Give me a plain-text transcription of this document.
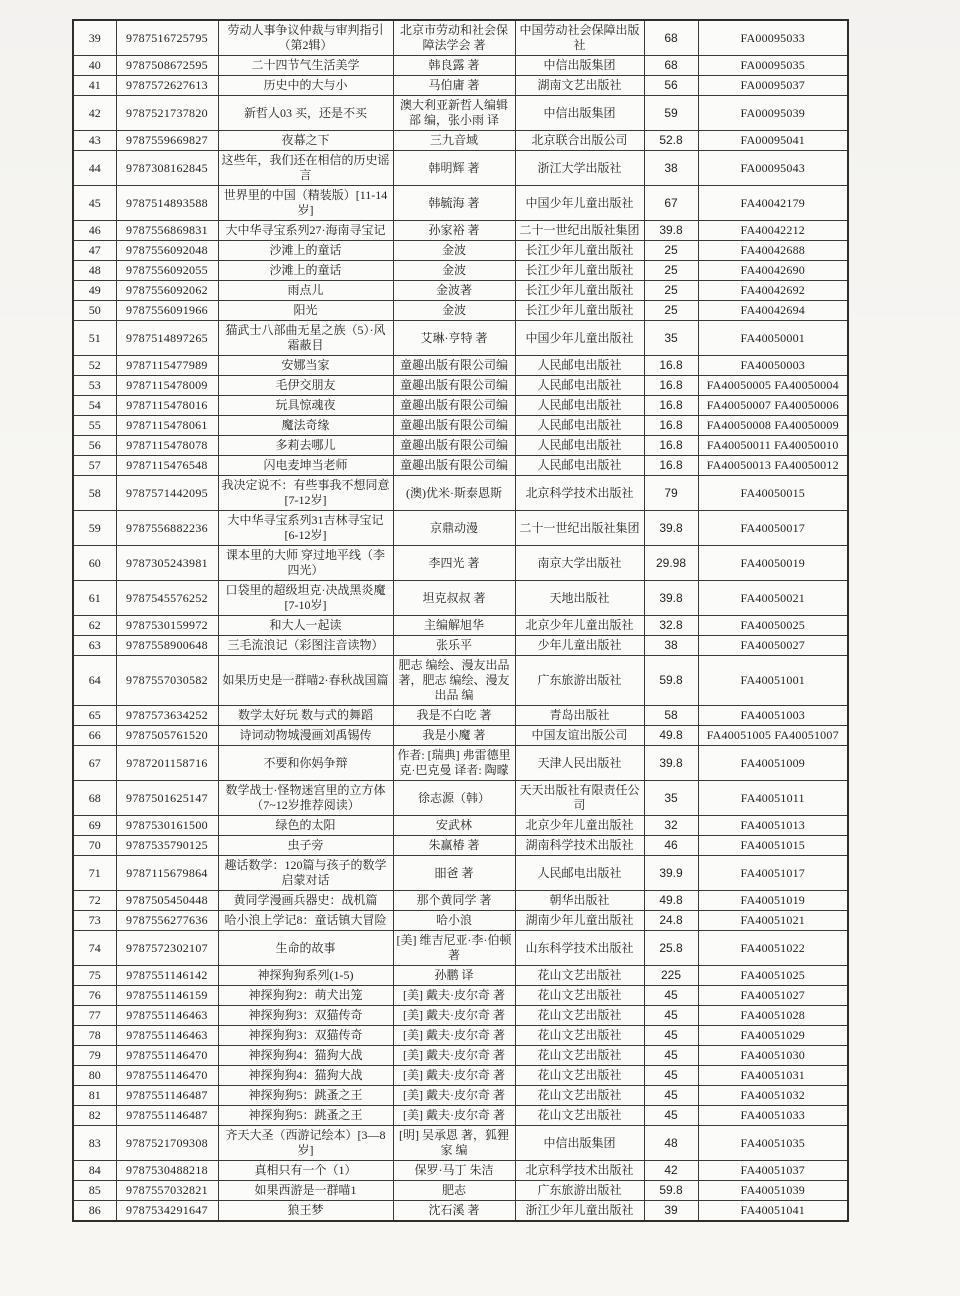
39	9787516725795	劳动人事争议仲裁与审判指引（第2辑）	北京市劳动和社会保障法学会 著	中国劳动社会保障出版社	68	FA00095033
40	9787508672595	二十四节气生活美学	韩良露 著	中信出版集团	68	FA00095035
41	9787572627613	历史中的大与小	马伯庸 著	湖南文艺出版社	56	FA00095037
42	9787521737820	新哲人03 买，还是不买	澳大利亚新哲人编辑部 编，张小雨 译	中信出版集团	59	FA00095039
43	9787559669827	夜幕之下	三九音域	北京联合出版公司	52.8	FA00095041
44	9787308162845	这些年，我们还在相信的历史谣言	韩明辉 著	浙江大学出版社	38	FA00095043
45	9787514893588	世界里的中国（精装版）[11-14岁]	韩毓海 著	中国少年儿童出版社	67	FA40042179
46	9787556869831	大中华寻宝系列27·海南寻宝记	孙家裕 著	二十一世纪出版社集团	39.8	FA40042212
47	9787556092048	沙滩上的童话	金波	长江少年儿童出版社	25	FA40042688
48	9787556092055	沙滩上的童话	金波	长江少年儿童出版社	25	FA40042690
49	9787556092062	雨点儿	金波著	长江少年儿童出版社	25	FA40042692
50	9787556091966	阳光	金波	长江少年儿童出版社	25	FA40042694
51	9787514897265	猫武士八部曲无星之族（5）·风霜蔽目	艾琳·亨特 著	中国少年儿童出版社	35	FA40050001
52	9787115477989	安娜当家	童趣出版有限公司编	人民邮电出版社	16.8	FA40050003
53	9787115478009	毛伊交朋友	童趣出版有限公司编	人民邮电出版社	16.8	FA40050005 FA40050004
54	9787115478016	玩具惊魂夜	童趣出版有限公司编	人民邮电出版社	16.8	FA40050007 FA40050006
55	9787115478061	魔法奇缘	童趣出版有限公司编	人民邮电出版社	16.8	FA40050008 FA40050009
56	9787115478078	多莉去哪儿	童趣出版有限公司编	人民邮电出版社	16.8	FA40050011 FA40050010
57	9787115476548	闪电麦坤当老师	童趣出版有限公司编	人民邮电出版社	16.8	FA40050013 FA40050012
58	9787571442095	我决定说不：有些事我不想同意 [7-12岁]	(澳)优米·斯泰恩斯	北京科学技术出版社	79	FA40050015
59	9787556882236	大中华寻宝系列31吉林寻宝记 [6-12岁]	京鼎动漫	二十一世纪出版社集团	39.8	FA40050017
60	9787305243981	课本里的大师 穿过地平线（李四光）	李四光 著	南京大学出版社	29.98	FA40050019
61	9787545576252	口袋里的超级坦克·决战黑炎魔 [7-10岁]	坦克叔叔 著	天地出版社	39.8	FA40050021
62	9787530159972	和大人一起读	主编解旭华	北京少年儿童出版社	32.8	FA40050025
63	9787558900648	三毛流浪记（彩图注音读物）	张乐平	少年儿童出版社	38	FA40050027
64	9787557030582	如果历史是一群喵2·春秋战国篇	肥志 编绘、漫友出品 著，肥志 编绘、漫友出品 编	广东旅游出版社	59.8	FA40051001
65	9787573634252	数学太好玩 数与式的舞蹈	我是不白吃 著	青岛出版社	58	FA40051003
66	9787505761520	诗词动物城漫画刘禹锡传	我是小魔 著	中国友谊出版公司	49.8	FA40051005 FA40051007
67	9787201158716	不要和你妈争辩	作者: [瑞典] 弗雷德里克·巴克曼 译者: 陶曚	天津人民出版社	39.8	FA40051009
68	9787501625147	数学战士·怪物迷宫里的立方体（7~12岁推荐阅读）	徐志源（韩）	天天出版社有限责任公司	35	FA40051011
69	9787530161500	绿色的太阳	安武林	北京少年儿童出版社	32	FA40051013
70	9787535790125	虫子旁	朱赢椿 著	湖南科学技术出版社	46	FA40051015
71	9787115679864	趣话数学：120篇与孩子的数学启蒙对话	昍爸 著	人民邮电出版社	39.9	FA40051017
72	9787505450448	黄同学漫画兵器史：战机篇	那个黄同学 著	朝华出版社	49.8	FA40051019
73	9787556277636	哈小浪上学记8：童话镇大冒险	哈小浪	湖南少年儿童出版社	24.8	FA40051021
74	9787572302107	生命的故事	[美] 维吉尼亚·李·伯顿 著	山东科学技术出版社	25.8	FA40051022
75	9787551146142	神探狗狗系列(1-5)	孙鹏 译	花山文艺出版社	225	FA40051025
76	9787551146159	神探狗狗2：萌犬出笼	[美] 戴夫·皮尔奇 著	花山文艺出版社	45	FA40051027
77	9787551146463	神探狗狗3：双猫传奇	[美] 戴夫·皮尔奇 著	花山文艺出版社	45	FA40051028
78	9787551146463	神探狗狗3：双猫传奇	[美] 戴夫·皮尔奇 著	花山文艺出版社	45	FA40051029
79	9787551146470	神探狗狗4：猫狗大战	[美] 戴夫·皮尔奇 著	花山文艺出版社	45	FA40051030
80	9787551146470	神探狗狗4：猫狗大战	[美] 戴夫·皮尔奇 著	花山文艺出版社	45	FA40051031
81	9787551146487	神探狗狗5：跳蚤之王	[美] 戴夫·皮尔奇 著	花山文艺出版社	45	FA40051032
82	9787551146487	神探狗狗5：跳蚤之王	[美] 戴夫·皮尔奇 著	花山文艺出版社	45	FA40051033
83	9787521709308	齐天大圣（西游记绘本）[3—8岁]	[明] 吴承恩 著，狐狸家 编	中信出版集团	48	FA40051035
84	9787530488218	真相只有一个（1）	保罗·马丁 朱洁	北京科学技术出版社	42	FA40051037
85	9787557032821	如果西游是一群喵1	肥志	广东旅游出版社	59.8	FA40051039
86	9787534291647	狼王梦	沈石溪 著	浙江少年儿童出版社	39	FA40051041
